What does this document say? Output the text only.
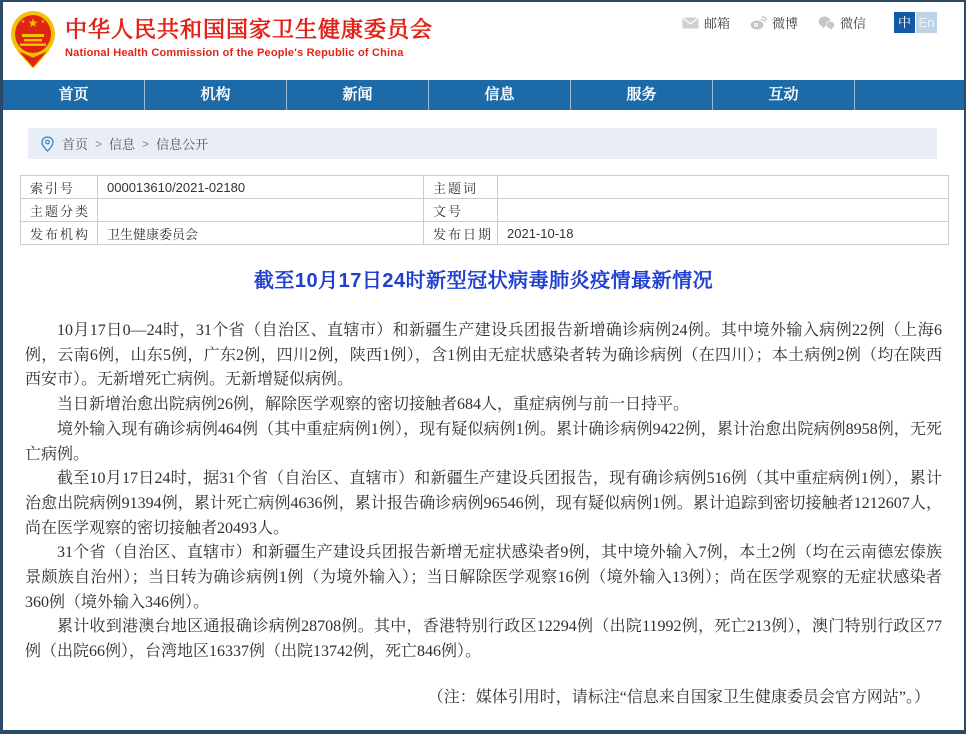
★
★	★ 中华人民共和国国家卫生健康委员会
National Health Commission of the People's Republic of China
邮箱	微博	微信	中 En
首页	机构	新闻	信息	服务	互动
首页 > 信息 > 信息公开
索引号	000013610/2021-02180	主题词	
主题分类		文号	
发布机构	卫生健康委员会	发布日期	2021-10-18
截至10月17日24时新型冠状病毒肺炎疫情最新情况

10月17日0—24时，31个省（自治区、直辖市）和新疆生产建设兵团报告新增确诊病例24例。其中境外输入病例22例（上海6例，云南6例，山东5例，广东2例，四川2例，陕西1例），含1例由无症状感染者转为确诊病例（在四川）；本土病例2例（均在陕西西安市）。无新增死亡病例。无新增疑似病例。

当日新增治愈出院病例26例，解除医学观察的密切接触者684人，重症病例与前一日持平。

境外输入现有确诊病例464例（其中重症病例1例），现有疑似病例1例。累计确诊病例9422例，累计治愈出院病例8958例，无死亡病例。

截至10月17日24时，据31个省（自治区、直辖市）和新疆生产建设兵团报告，现有确诊病例516例（其中重症病例1例），累计治愈出院病例91394例，累计死亡病例4636例，累计报告确诊病例96546例，现有疑似病例1例。累计追踪到密切接触者1212607人，尚在医学观察的密切接触者20493人。

31个省（自治区、直辖市）和新疆生产建设兵团报告新增无症状感染者9例，其中境外输入7例，本土2例（均在云南德宏傣族景颇族自治州）；当日转为确诊病例1例（为境外输入）；当日解除医学观察16例（境外输入13例）；尚在医学观察的无症状感染者360例（境外输入346例）。

累计收到港澳台地区通报确诊病例28708例。其中，香港特别行政区12294例（出院11992例，死亡213例），澳门特别行政区77例（出院66例），台湾地区16337例（出院13742例，死亡846例）。

（注：媒体引用时，请标注“信息来自国家卫生健康委员会官方网站”。）
